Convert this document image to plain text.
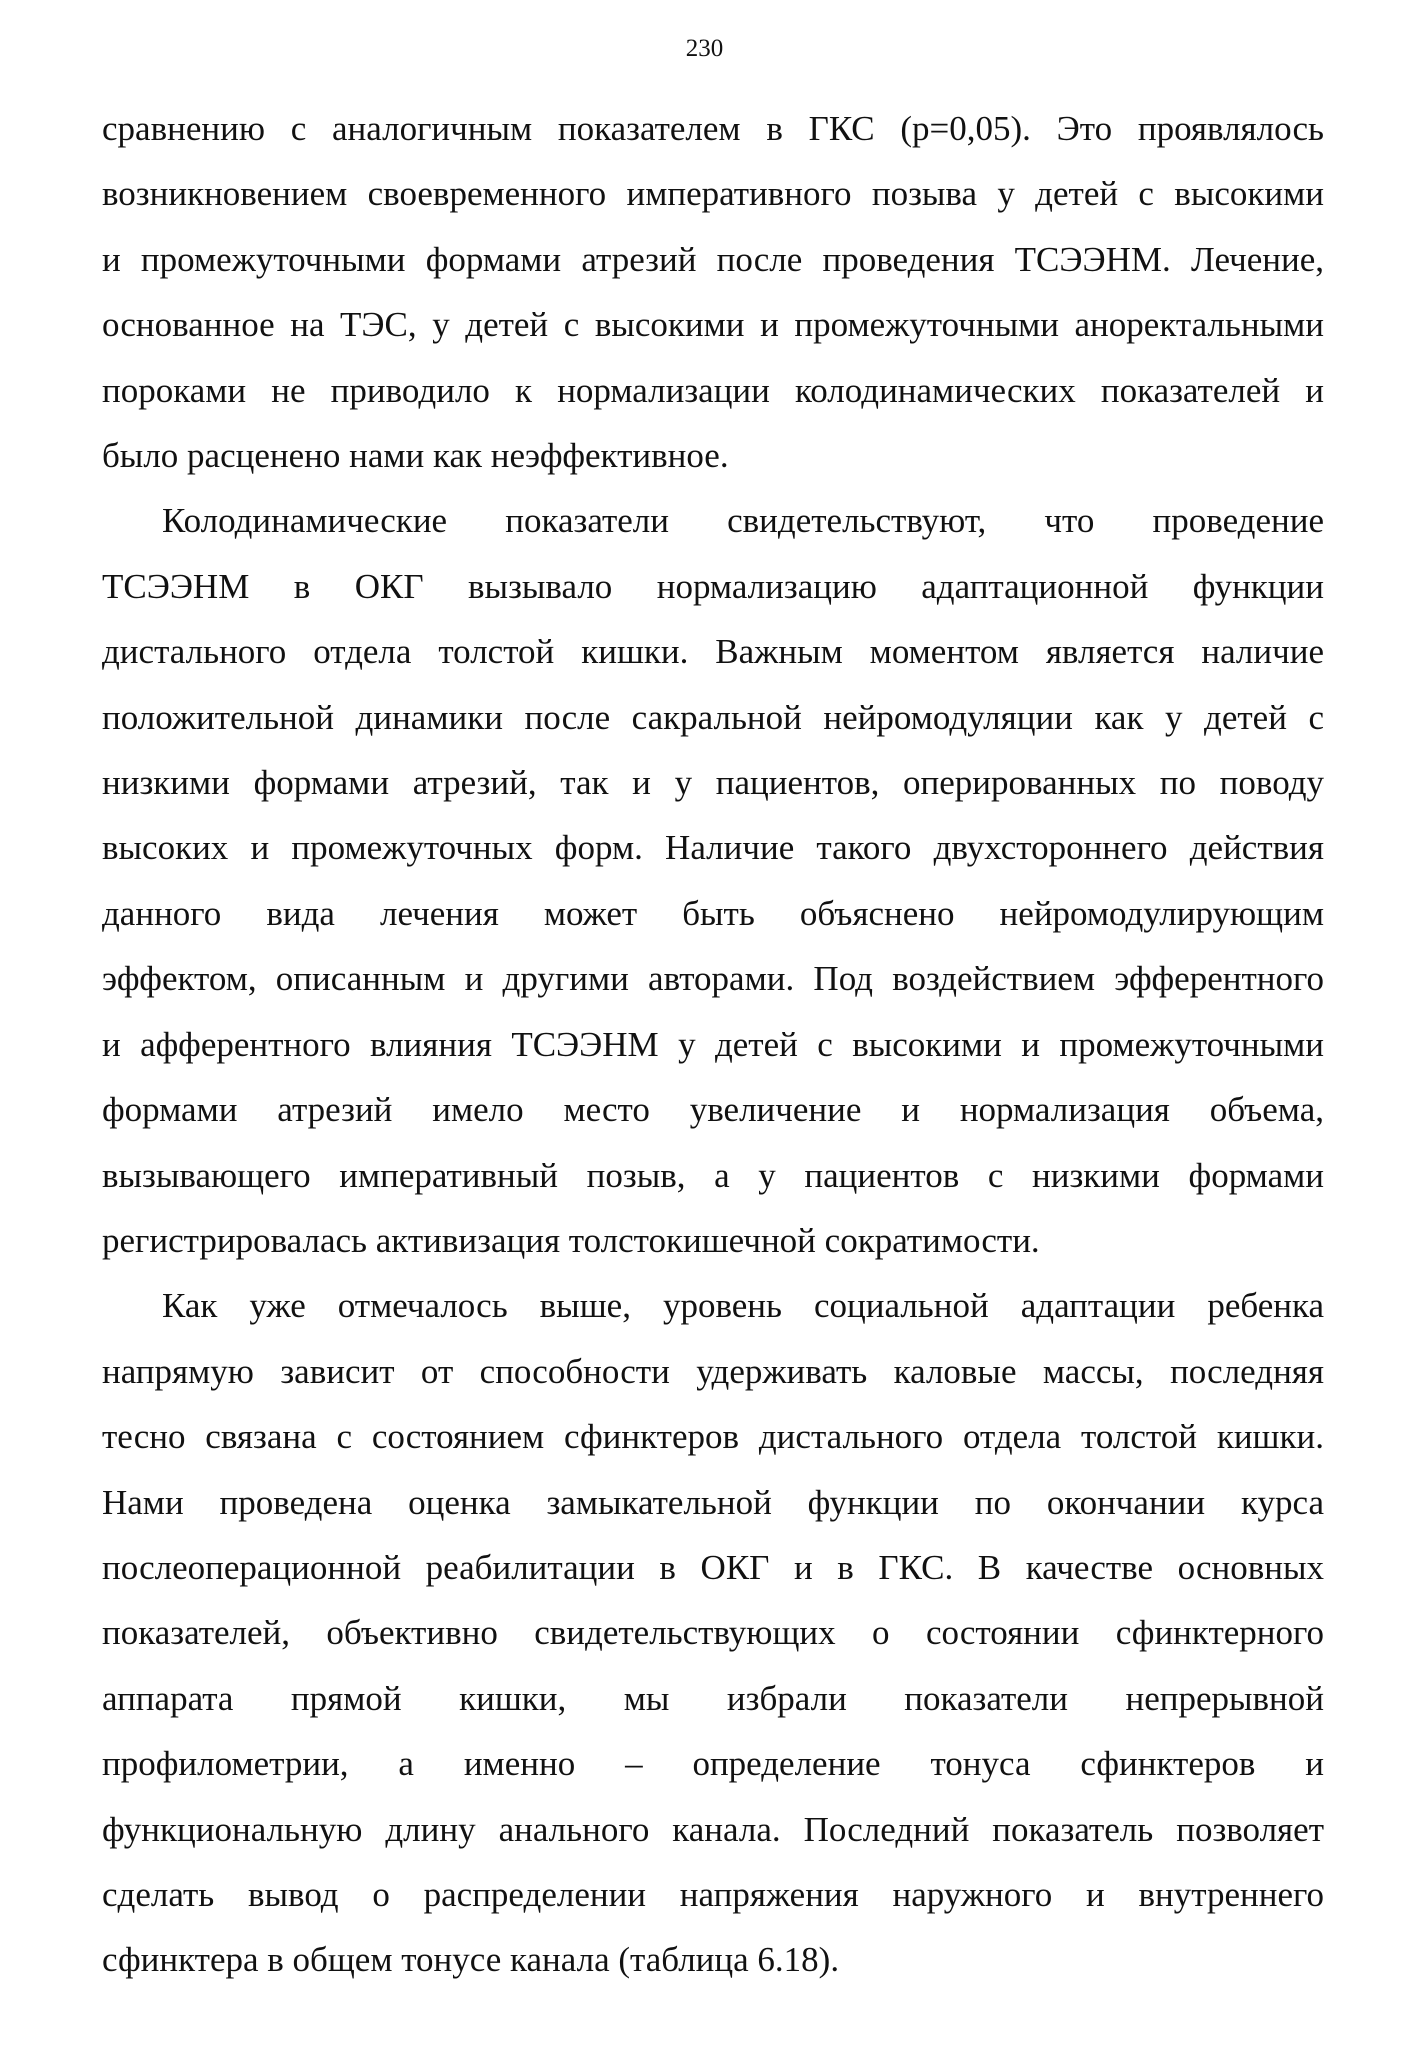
230

сравнению с аналогичным показателем в ГКС (р=0,05). Это проявлялось
возникновением своевременного императивного позыва у детей с высокими
и промежуточными формами атрезий после проведения ТСЭЭНМ. Лечение,
основанное на ТЭС, у детей с высокими и промежуточными аноректальными
пороками не приводило к нормализации колодинамических показателей и
было расценено нами как неэффективное.

Колодинамические показатели свидетельствуют, что проведение
ТСЭЭНМ в ОКГ вызывало нормализацию адаптационной функции
дистального отдела толстой кишки. Важным моментом является наличие
положительной динамики после сакральной нейромодуляции как у детей с
низкими формами атрезий, так и у пациентов, оперированных по поводу
высоких и промежуточных форм. Наличие такого двухстороннего действия
данного вида лечения может быть объяснено нейромодулирующим
эффектом, описанным и другими авторами. Под воздействием эфферентного
и афферентного влияния ТСЭЭНМ у детей с высокими и промежуточными
формами атрезий имело место увеличение и нормализация объема,
вызывающего императивный позыв, а у пациентов с низкими формами
регистрировалась активизация толстокишечной сократимости.

Как уже отмечалось выше, уровень социальной адаптации ребенка
напрямую зависит от способности удерживать каловые массы, последняя
тесно связана с состоянием сфинктеров дистального отдела толстой кишки.
Нами проведена оценка замыкательной функции по окончании курса
послеоперационной реабилитации в ОКГ и в ГКС. В качестве основных
показателей, объективно свидетельствующих о состоянии сфинктерного
аппарата прямой кишки, мы избрали показатели непрерывной
профилометрии, а именно – определение тонуса сфинктеров и
функциональную длину анального канала. Последний показатель позволяет
сделать вывод о распределении напряжения наружного и внутреннего
сфинктера в общем тонусе канала (таблица 6.18).
